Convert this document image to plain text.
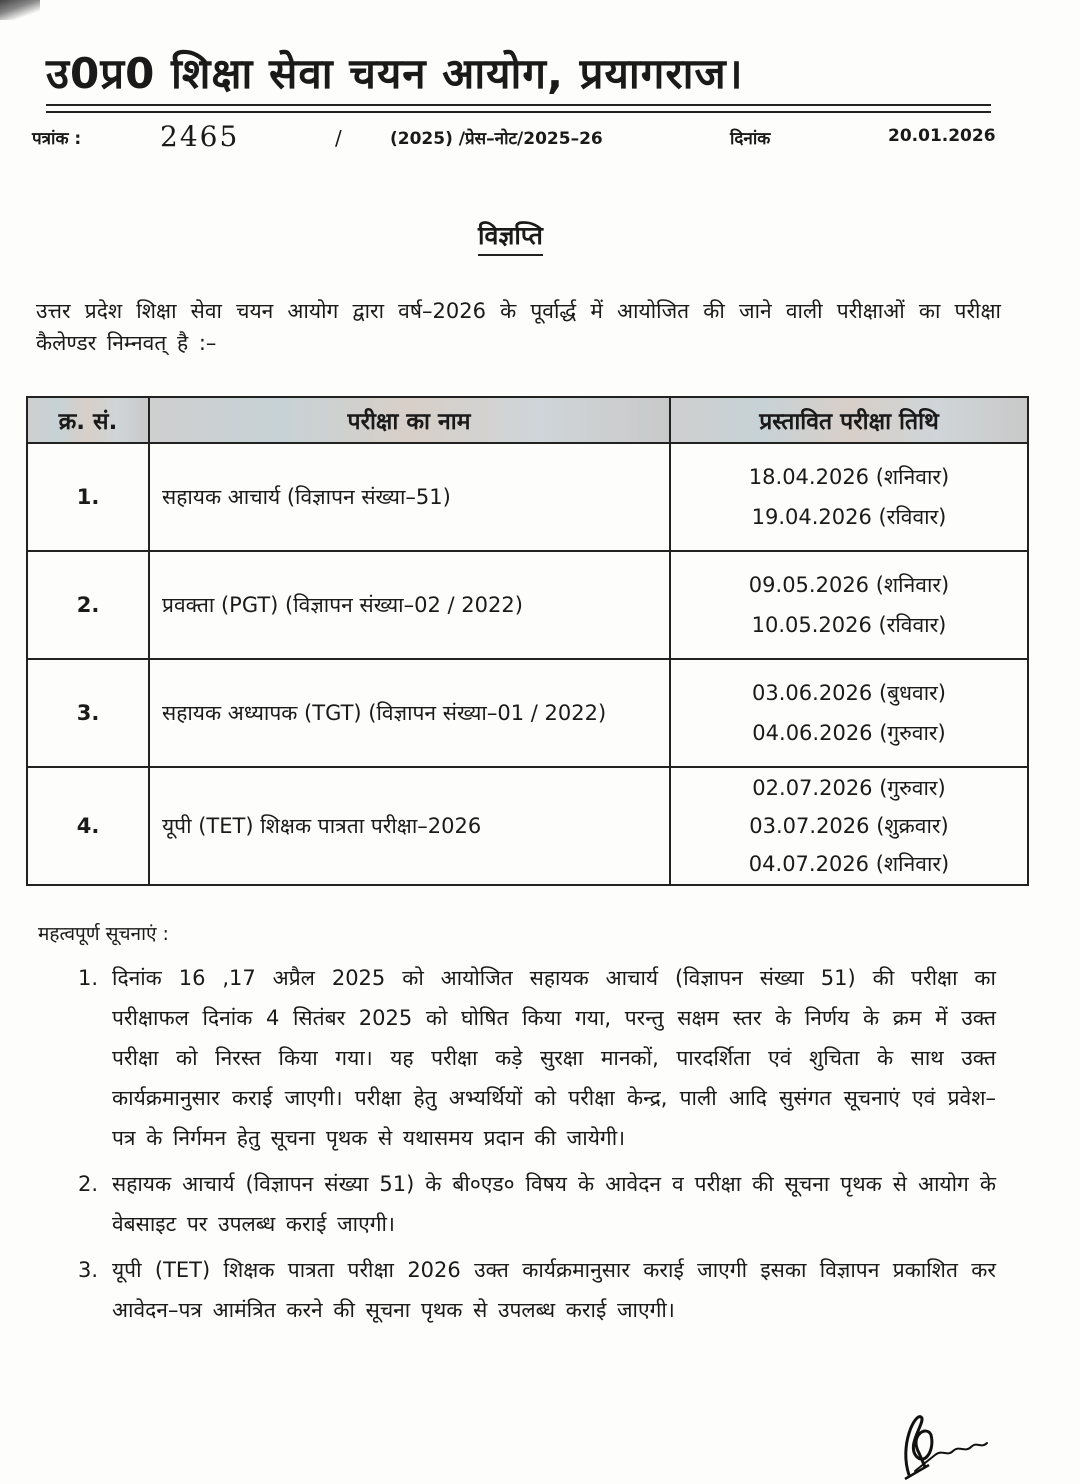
उ0प्र0 शिक्षा सेवा चयन आयोग, प्रयागराज।
पत्रांक :	2465	/	(2025) /प्रेस–नोट/2025–26	दिनांक	20.01.2026
विज्ञप्ति
उत्तर प्रदेश शिक्षा सेवा चयन आयोग द्वारा वर्ष–2026 के पूर्वार्द्ध में आयोजित की जाने वाली परीक्षाओं का परीक्षा कैलेण्डर निम्नवत् है :–
क्र. सं.	परीक्षा का नाम	प्रस्तावित परीक्षा तिथि
1.	सहायक आचार्य (विज्ञापन संख्या–51)	18.04.2026 (शनिवार)
19.04.2026 (रविवार)

2.	प्रवक्ता (PGT) (विज्ञापन संख्या–02 / 2022)	09.05.2026 (शनिवार)
10.05.2026 (रविवार)

3.	सहायक अध्यापक (TGT) (विज्ञापन संख्या–01 / 2022)	03.06.2026 (बुधवार)
04.06.2026 (गुरुवार)

4.	यूपी (TET) शिक्षक पात्रता परीक्षा–2026	02.07.2026 (गुरुवार)
03.07.2026 (शुक्रवार)
04.07.2026 (शनिवार)
महत्वपूर्ण सूचनाएं :
1. दिनांक 16 ,17 अप्रैल 2025 को आयोजित सहायक आचार्य (विज्ञापन संख्या 51) की परीक्षा का परीक्षाफल दिनांक 4 सितंबर 2025 को घोषित किया गया, परन्तु सक्षम स्तर के निर्णय के क्रम में उक्त परीक्षा को निरस्त किया गया। यह परीक्षा कड़े सुरक्षा मानकों, पारदर्शिता एवं शुचिता के साथ उक्त कार्यक्रमानुसार कराई जाएगी। परीक्षा हेतु अभ्यर्थियों को परीक्षा केन्द्र, पाली आदि सुसंगत सूचनाएं एवं प्रवेश–पत्र के निर्गमन हेतु सूचना पृथक से यथासमय प्रदान की जायेगी।
2. सहायक आचार्य (विज्ञापन संख्या 51) के बी०एड० विषय के आवेदन व परीक्षा की सूचना पृथक से आयोग के वेबसाइट पर उपलब्ध कराई जाएगी।
3. यूपी (TET) शिक्षक पात्रता परीक्षा 2026 उक्त कार्यक्रमानुसार कराई जाएगी इसका विज्ञापन प्रकाशित कर आवेदन–पत्र आमंत्रित करने की सूचना पृथक से उपलब्ध कराई जाएगी।
